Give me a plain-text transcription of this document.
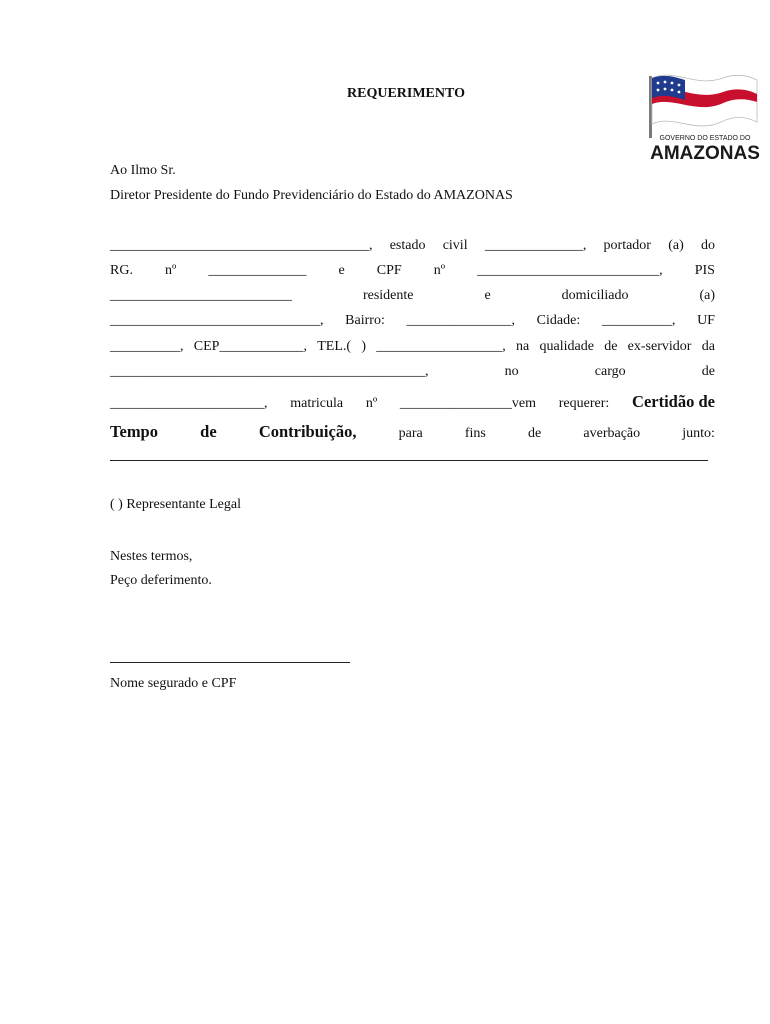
REQUERIMENTO
GOVERNO DO ESTADO DO
AMAZONAS
Ao Ilmo Sr.
Diretor Presidente do Fundo Previdenciário do Estado do AMAZONAS
_____________________________________, estado civil ______________, portador (a) do
RG. nº ______________ e CPF nº __________________________, PIS
__________________________	residente	e	domiciliado	(a)
______________________________, Bairro: _______________, Cidade: __________, UF
__________, CEP____________, TEL.( ) __________________, na qualidade de ex-servidor da
_____________________________________________,	no	cargo	de
______________________, matricula nº ________________vem requerer: Certidão de
Tempo	de	Contribuição,	para	fins	de	averbação	junto:
( ) Representante Legal
Nestes termos,
Peço deferimento.
Nome segurado e CPF
